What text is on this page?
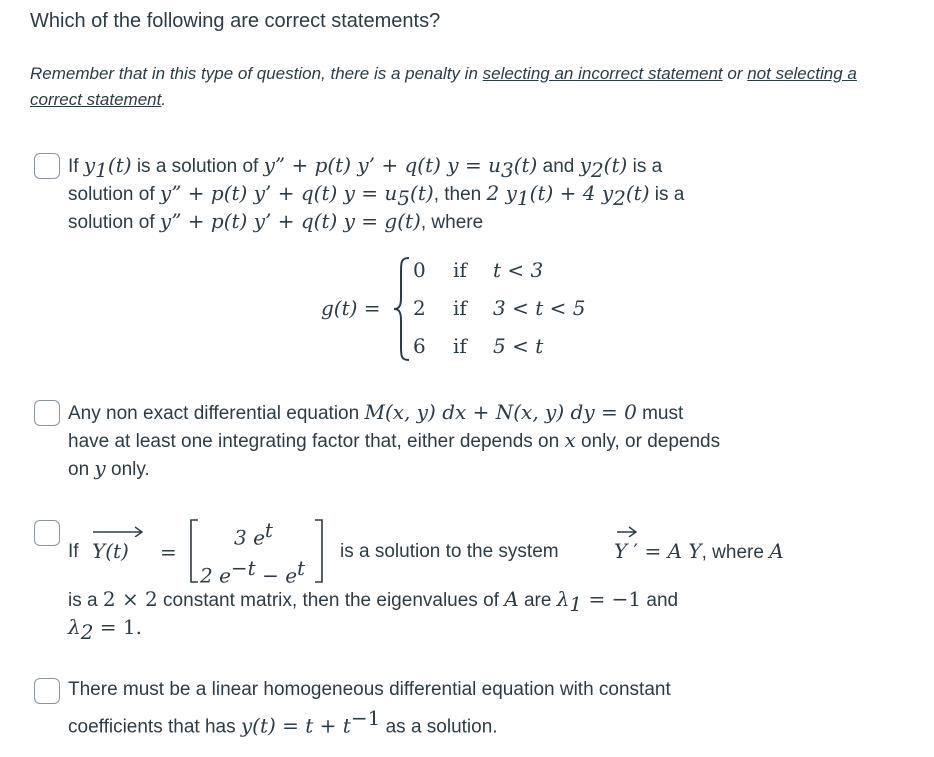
Which of the following are correct statements?
Remember that in this type of question, there is a penalty in selecting an incorrect statement or not selecting a correct statement.
If $y_1(t)$ is a solution of y” + p(t) y’ + q(t) $y = u_3(t)$ and $y_2(t)$ is a
solution of y” + p(t) y’ + q(t) $y = u_5(t)$, then 2 $y_1(t) + 4$ $y_2(t)$ is a
solution of y” + p(t) y’ + q(t) y = g(t), where
g(t) =
0 if t < 3
2 if 3 < t < 5
6 if 5 < t
Any non exact differential equation M(x, y) dx + N(x, y) dy = 0 must
have at least one integrating factor that, either depends on x only, or depends
on y only.
If Y(t) =
3 $e^t$
2 $e^{-t} - e^t$
is a solution to the system	Y ′ = A Y, where A
is a 2 × 2 constant matrix, then the eigenvalues of A are $\lambda_1 = -1$ and
$\lambda_2 = 1$.
There must be a linear homogeneous differential equation with constant
coefficients that has $y(t) = t + t^{-1}$ as a solution.
